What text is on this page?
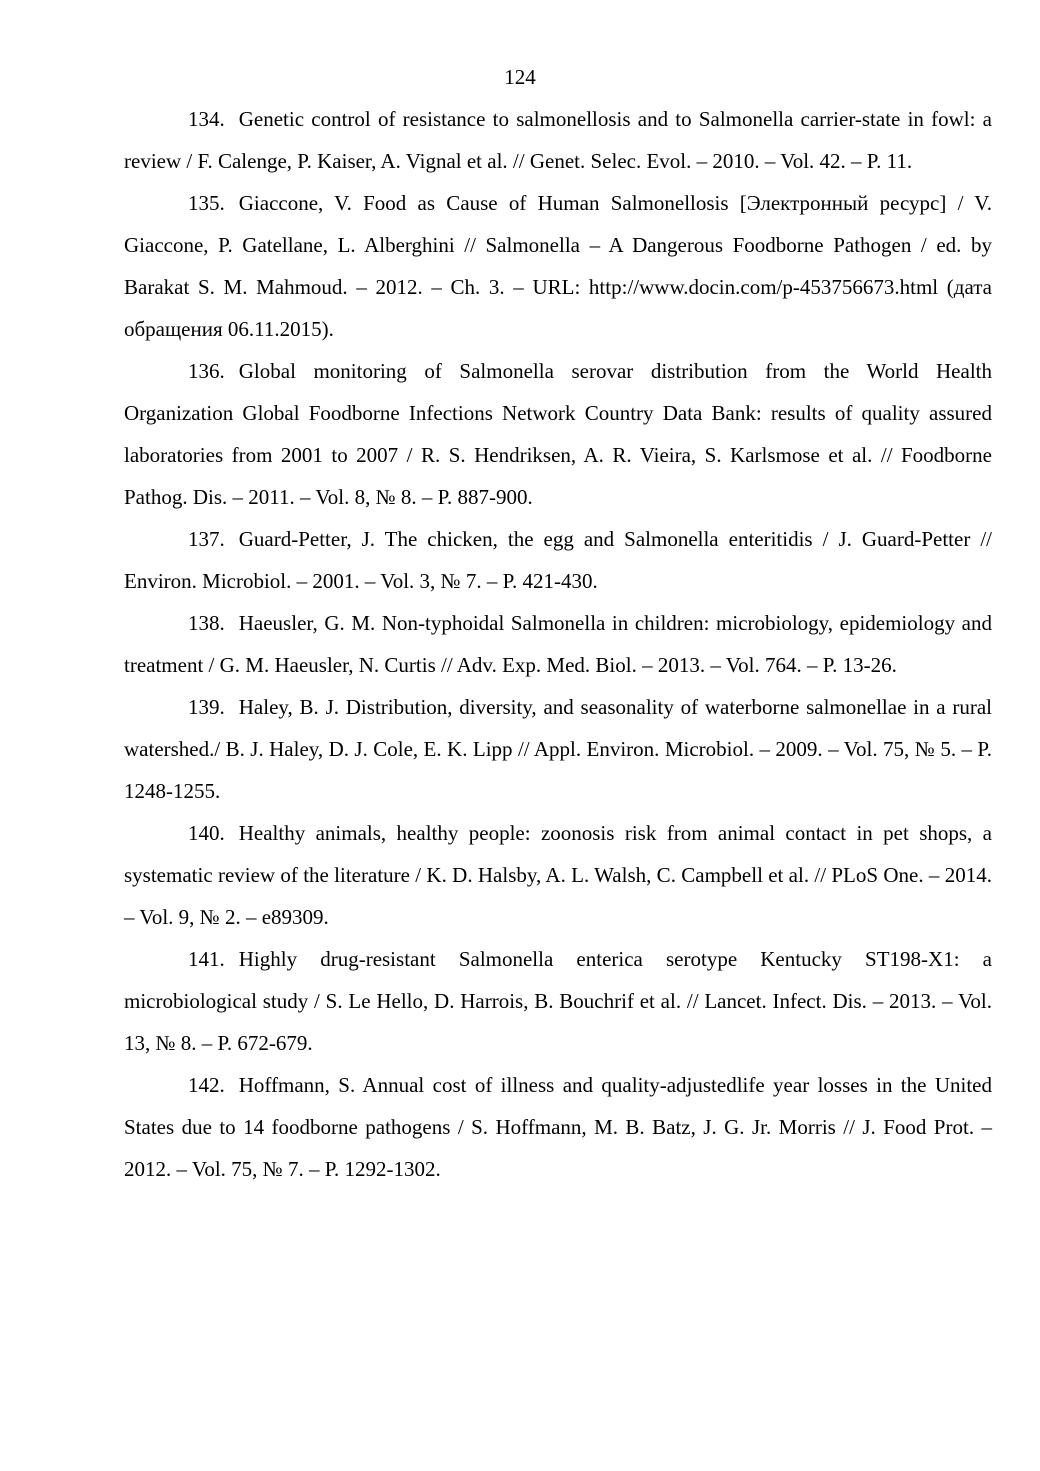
124
134. Genetic control of resistance to salmonellosis and to Salmonella carrier-state in fowl: a review / F. Calenge, P. Kaiser, A. Vignal et al. // Genet. Selec. Evol. – 2010. – Vol. 42. – P. 11.
135. Giaccone, V. Food as Cause of Human Salmonellosis [Электронный ресурс] / V. Giaccone, P. Gatellane, L. Alberghini // Salmonella – A Dangerous Foodborne Pathogen / ed. by Barakat S. M. Mahmoud. – 2012. – Ch. 3. – URL: http://www.docin.com/p-453756673.html (дата обращения 06.11.2015).
136. Global monitoring of Salmonella serovar distribution from the World Health Organization Global Foodborne Infections Network Country Data Bank: results of quality assured laboratories from 2001 to 2007 / R. S. Hendriksen, A. R. Vieira, S. Karlsmose et al. // Foodborne Pathog. Dis. – 2011. – Vol. 8, № 8. – P. 887-900.
137. Guard-Petter, J. The chicken, the egg and Salmonella enteritidis / J. Guard-Petter // Environ. Microbiol. – 2001. – Vol. 3, № 7. – P. 421-430.
138. Haeusler, G. M. Non-typhoidal Salmonella in children: microbiology, epidemiology and treatment / G. M. Haeusler, N. Curtis // Adv. Exp. Med. Biol. – 2013. – Vol. 764. – P. 13-26.
139. Haley, B. J. Distribution, diversity, and seasonality of waterborne salmonellae in a rural watershed./ B. J. Haley, D. J. Cole, E. K. Lipp // Appl. Environ. Microbiol. – 2009. – Vol. 75, № 5. – P. 1248-1255.
140. Healthy animals, healthy people: zoonosis risk from animal contact in pet shops, a systematic review of the literature / K. D. Halsby, A. L. Walsh, C. Campbell et al. // PLoS One. – 2014. – Vol. 9, № 2. – e89309.
141. Highly drug-resistant Salmonella enterica serotype Kentucky ST198-X1: a microbiological study / S. Le Hello, D. Harrois, B. Bouchrif et al. // Lancet. Infect. Dis. – 2013. – Vol. 13, № 8. – P. 672-679.
142. Hoffmann, S. Annual cost of illness and quality-adjustedlife year losses in the United States due to 14 foodborne pathogens / S. Hoffmann, M. B. Batz, J. G. Jr. Morris // J. Food Prot. – 2012. – Vol. 75, № 7. – P. 1292-1302.
